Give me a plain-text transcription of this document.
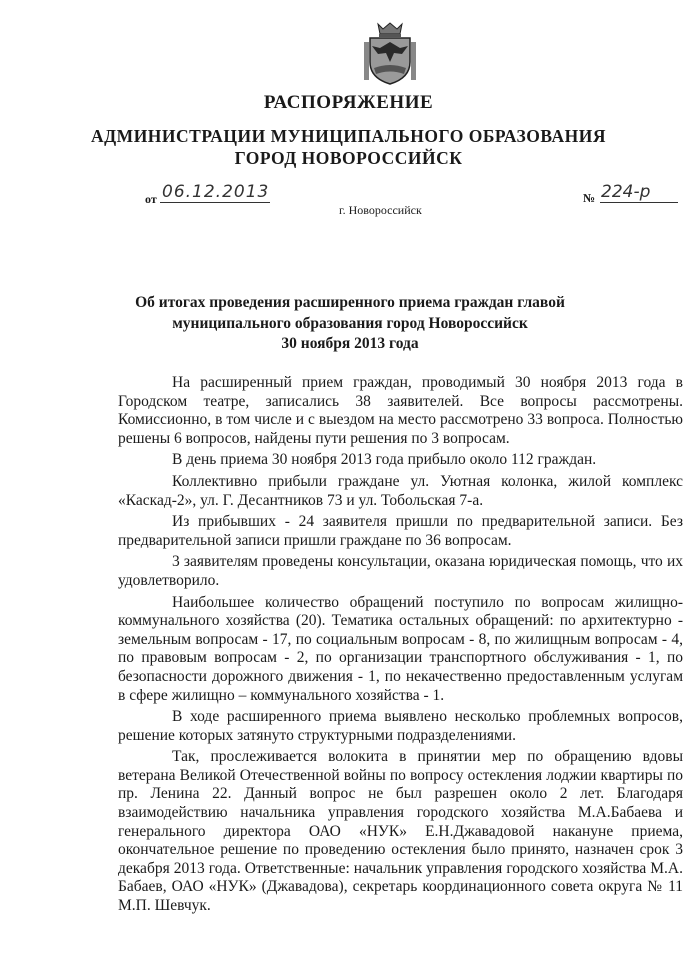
РАСПОРЯЖЕНИЕ
АДМИНИСТРАЦИИ МУНИЦИПАЛЬНОГО ОБРАЗОВАНИЯ
ГОРОД НОВОРОССИЙСК
от 06.12.2013
г. Новороссийск
№ 224-р
Об итогах проведения расширенного приема граждан главой
муниципального образования город Новороссийск
30 ноября 2013 года

На расширенный прием граждан, проводимый 30 ноября 2013 года в Городском театре, записались 38 заявителей. Все вопросы рассмотрены. Комиссионно, в том числе и с выездом на место рассмотрено 33 вопроса. Полностью решены 6 вопросов, найдены пути решения по 3 вопросам.

В день приема 30 ноября 2013 года прибыло около 112 граждан.

Коллективно прибыли граждане ул. Уютная колонка, жилой комплекс «Каскад-2», ул. Г. Десантников 73 и ул. Тобольская 7-а.

Из прибывших - 24 заявителя пришли по предварительной записи. Без предварительной записи пришли граждане по 36 вопросам.

3 заявителям проведены консультации, оказана юридическая помощь, что их удовлетворило.

Наибольшее количество обращений поступило по вопросам жилищно-коммунального хозяйства (20). Тематика остальных обращений: по архитектурно - земельным вопросам - 17, по социальным вопросам - 8, по жилищным вопросам - 4, по правовым вопросам - 2, по организации транспортного обслуживания - 1, по безопасности дорожного движения - 1, по некачественно предоставленным услугам в сфере жилищно – коммунального хозяйства - 1.

В ходе расширенного приема выявлено несколько проблемных вопросов, решение которых затянуто структурными подразделениями.

Так, прослеживается волокита в принятии мер по обращению вдовы ветерана Великой Отечественной войны по вопросу остекления лоджии квартиры по пр. Ленина 22. Данный вопрос не был разрешен около 2 лет. Благодаря взаимодействию начальника управления городского хозяйства М.А.Бабаева и генерального директора ОАО «НУК» Е.Н.Джавадовой накануне приема, окончательное решение по проведению остекления было принято, назначен срок 3 декабря 2013 года. Ответственные: начальник управления городского хозяйства М.А. Бабаев, ОАО «НУК» (Джавадова), секретарь координационного совета округа № 11 М.П. Шевчук.
